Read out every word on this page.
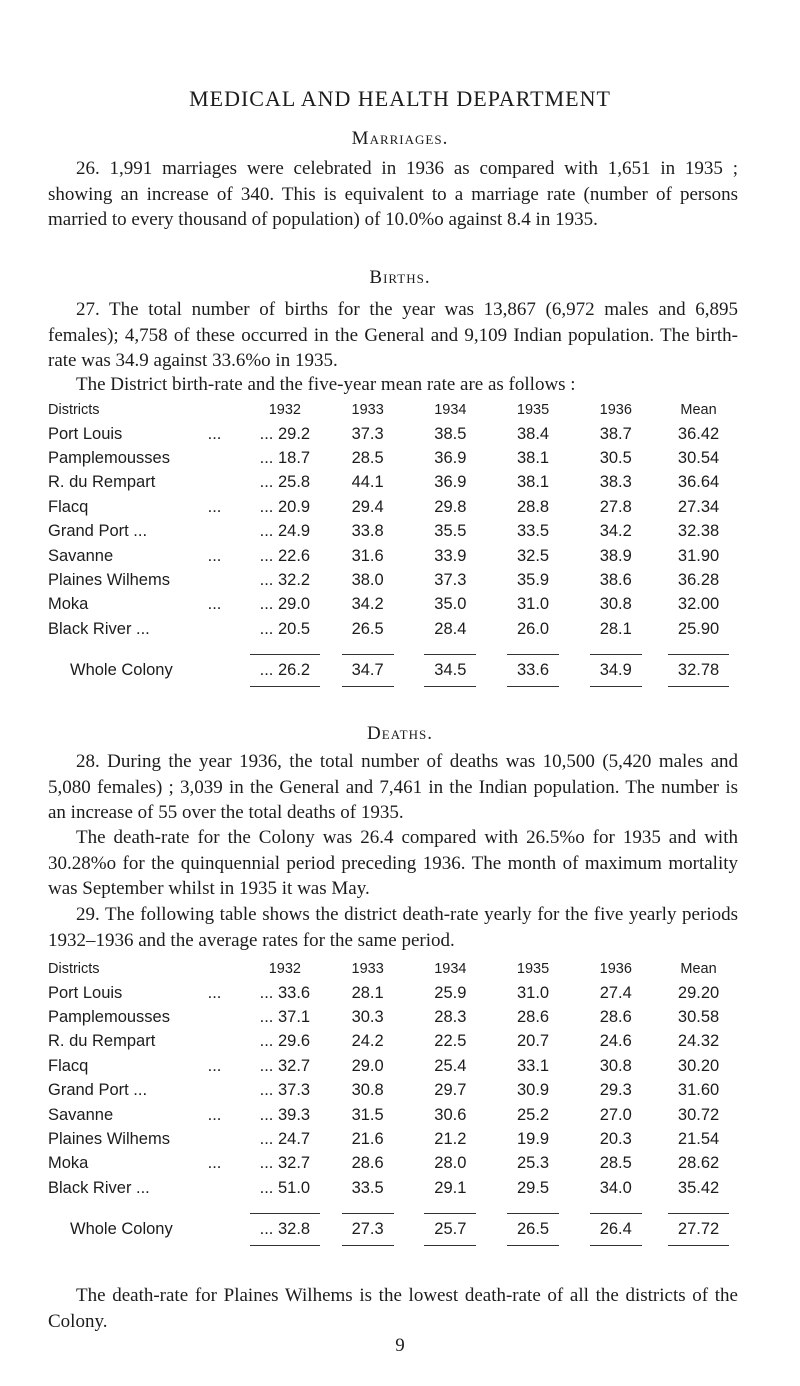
MEDICAL AND HEALTH DEPARTMENT
Marriages.

26. 1,991 marriages were celebrated in 1936 as compared with 1,651 in 1935 ; showing an increase of 340. This is equivalent to a marriage rate (number of persons married to every thousand of population) of 10.0%o against 8.4 in 1935.

Births.

27. The total number of births for the year was 13,867 (6,972 males and 6,895 females); 4,758 of these occurred in the General and 9,109 Indian population. The birth-rate was 34.9 against 33.6%o in 1935.

The District birth-rate and the five-year mean rate are as follows :

Districts		1932	1933	1934	1935	1936	Mean
Port Louis	...	... 29.2	37.3	38.5	38.4	38.7	36.42
Pamplemousses		... 18.7	28.5	36.9	38.1	30.5	30.54
R. du Rempart		... 25.8	44.1	36.9	38.1	38.3	36.64
Flacq	...	... 20.9	29.4	29.8	28.8	27.8	27.34
Grand Port ...		... 24.9	33.8	35.5	33.5	34.2	32.38
Savanne	...	... 22.6	31.6	33.9	32.5	38.9	31.90
Plaines Wilhems		... 32.2	38.0	37.3	35.9	38.6	36.28
Moka	...	... 29.0	34.2	35.0	31.0	30.8	32.00
Black River ...		... 20.5	26.5	28.4	26.0	28.1	25.90

Whole Colony		... 26.2	34.7	34.5	33.6	34.9	32.78
Deaths.

28. During the year 1936, the total number of deaths was 10,500 (5,420 males and 5,080 females) ; 3,039 in the General and 7,461 in the Indian population. The number is an increase of 55 over the total deaths of 1935.

The death-rate for the Colony was 26.4 compared with 26.5%o for 1935 and with 30.28%o for the quinquennial period preceding 1936. The month of maximum mortality was September whilst in 1935 it was May.

29. The following table shows the district death-rate yearly for the five yearly periods 1932–1936 and the average rates for the same period.

Districts		1932	1933	1934	1935	1936	Mean
Port Louis	...	... 33.6	28.1	25.9	31.0	27.4	29.20
Pamplemousses		... 37.1	30.3	28.3	28.6	28.6	30.58
R. du Rempart		... 29.6	24.2	22.5	20.7	24.6	24.32
Flacq	...	... 32.7	29.0	25.4	33.1	30.8	30.20
Grand Port ...		... 37.3	30.8	29.7	30.9	29.3	31.60
Savanne	...	... 39.3	31.5	30.6	25.2	27.0	30.72
Plaines Wilhems		... 24.7	21.6	21.2	19.9	20.3	21.54
Moka	...	... 32.7	28.6	28.0	25.3	28.5	28.62
Black River ...		... 51.0	33.5	29.1	29.5	34.0	35.42

Whole Colony		... 32.8	27.3	25.7	26.5	26.4	27.72

The death-rate for Plaines Wilhems is the lowest death-rate of all the districts of the Colony.

9
